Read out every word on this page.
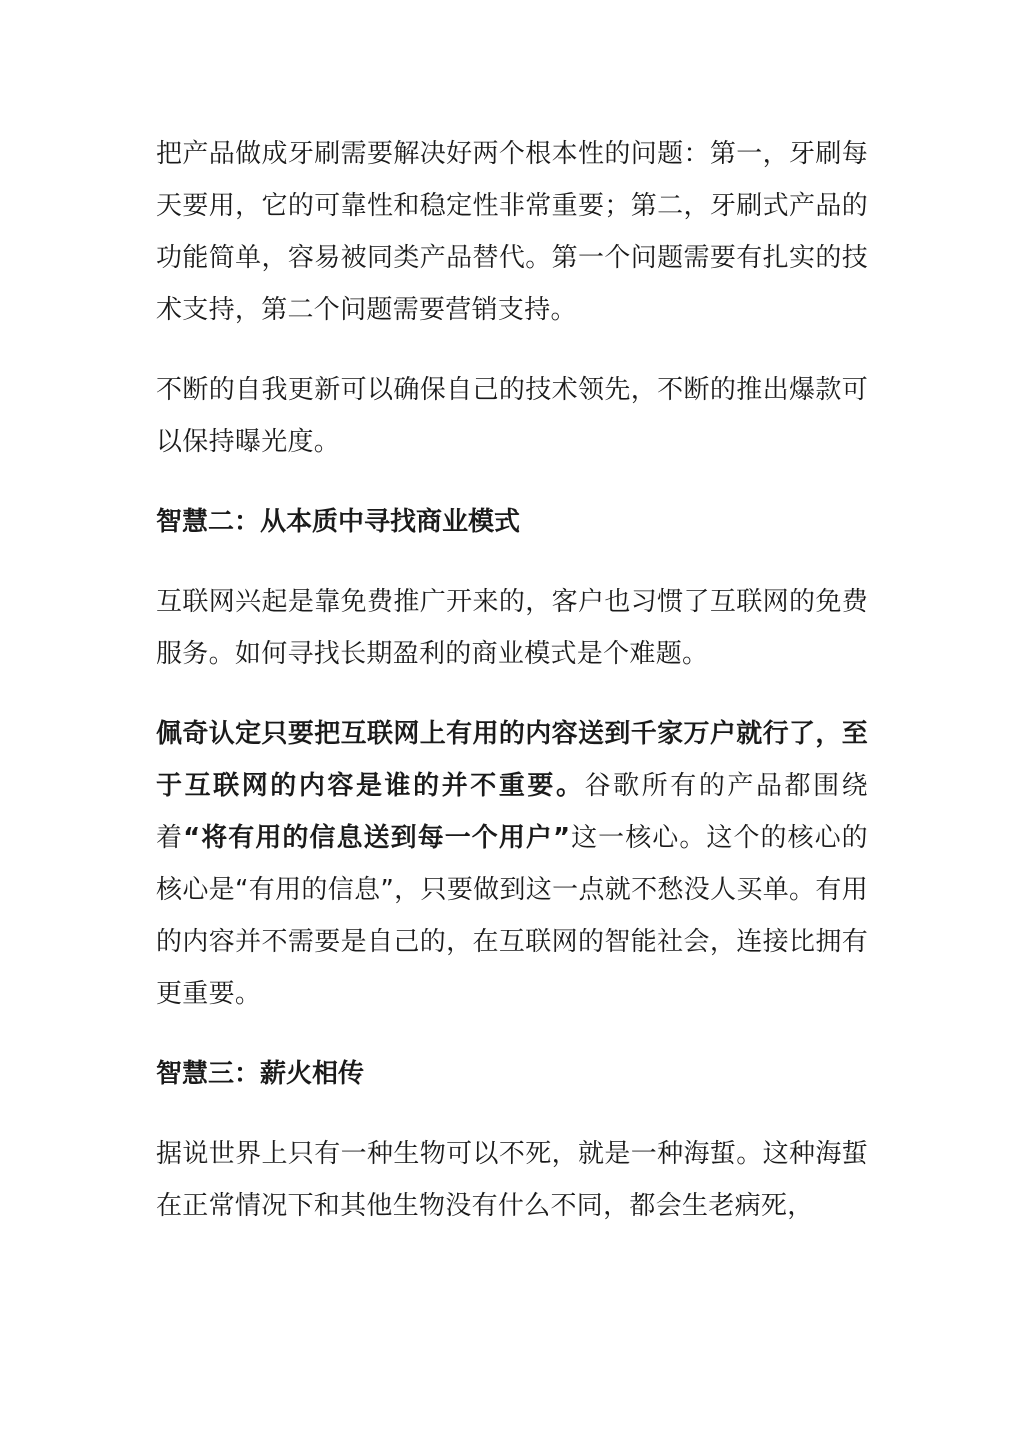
把产品做成牙刷需要解决好两个根本性的问题：第一，牙刷每天要用，它的可靠性和稳定性非常重要；第二，牙刷式产品的功能简单，容易被同类产品替代。第一个问题需要有扎实的技术支持，第二个问题需要营销支持。

不断的自我更新可以确保自己的技术领先，不断的推出爆款可以保持曝光度。

智慧二：从本质中寻找商业模式

互联网兴起是靠免费推广开来的，客户也习惯了互联网的免费服务。如何寻找长期盈利的商业模式是个难题。

佩奇认定只要把互联网上有用的内容送到千家万户就行了，至于互联网的内容是谁的并不重要。谷歌所有的产品都围绕着“将有用的信息送到每一个用户”这一核心。这个的核心的核心是“有用的信息”，只要做到这一点就不愁没人买单。有用的内容并不需要是自己的，在互联网的智能社会，连接比拥有更重要。

智慧三：薪火相传

据说世界上只有一种生物可以不死，就是一种海蜇。这种海蜇在正常情况下和其他生物没有什么不同，都会生老病死，
